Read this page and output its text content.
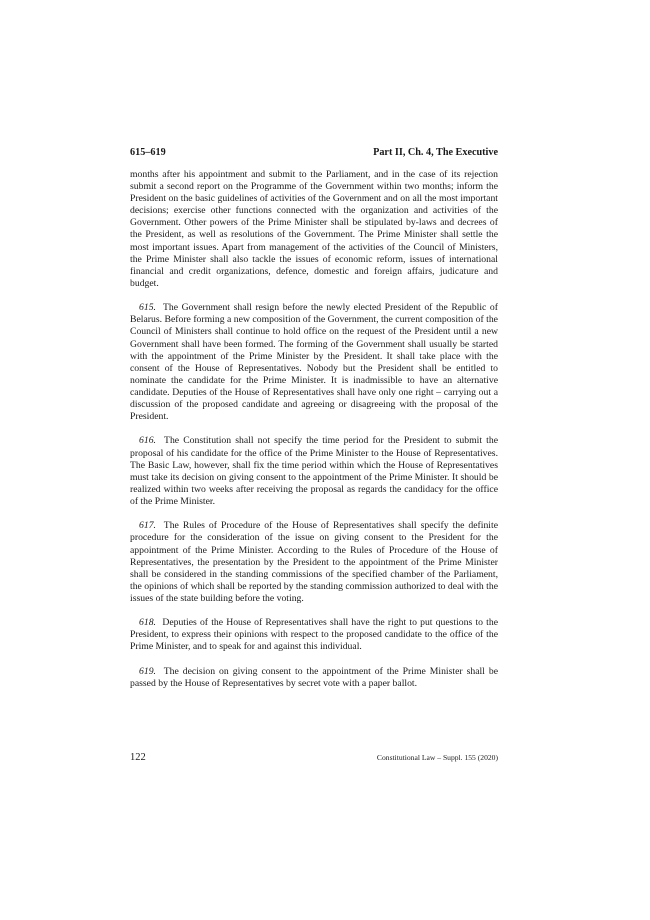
615–619	Part II, Ch. 4, The Executive

months after his appointment and submit to the Parliament, and in the case of its rejection submit a second report on the Programme of the Government within two months; inform the President on the basic guidelines of activities of the Government and on all the most important decisions; exercise other functions connected with the organization and activities of the Government. Other powers of the Prime Minister shall be stipulated by-laws and decrees of the President, as well as resolutions of the Government. The Prime Minister shall settle the most important issues. Apart from management of the activities of the Council of Ministers, the Prime Minister shall also tackle the issues of economic reform, issues of international financial and credit organizations, defence, domestic and foreign affairs, judicature and budget.

615. The Government shall resign before the newly elected President of the Republic of Belarus. Before forming a new composition of the Government, the current composition of the Council of Ministers shall continue to hold office on the request of the President until a new Government shall have been formed. The forming of the Government shall usually be started with the appointment of the Prime Minister by the President. It shall take place with the consent of the House of Representatives. Nobody but the President shall be entitled to nominate the candidate for the Prime Minister. It is inadmissible to have an alternative candidate. Deputies of the House of Representatives shall have only one right – carrying out a discussion of the proposed candidate and agreeing or disagreeing with the proposal of the President.

616. The Constitution shall not specify the time period for the President to submit the proposal of his candidate for the office of the Prime Minister to the House of Representatives. The Basic Law, however, shall fix the time period within which the House of Representatives must take its decision on giving consent to the appointment of the Prime Minister. It should be realized within two weeks after receiving the proposal as regards the candidacy for the office of the Prime Minister.

617. The Rules of Procedure of the House of Representatives shall specify the definite procedure for the consideration of the issue on giving consent to the President for the appointment of the Prime Minister. According to the Rules of Procedure of the House of Representatives, the presentation by the President to the appointment of the Prime Minister shall be considered in the standing commissions of the specified chamber of the Parliament, the opinions of which shall be reported by the standing commission authorized to deal with the issues of the state building before the voting.

618. Deputies of the House of Representatives shall have the right to put questions to the President, to express their opinions with respect to the proposed candidate to the office of the Prime Minister, and to speak for and against this individual.

619. The decision on giving consent to the appointment of the Prime Minister shall be passed by the House of Representatives by secret vote with a paper ballot.

122	Constitutional Law – Suppl. 155 (2020)
